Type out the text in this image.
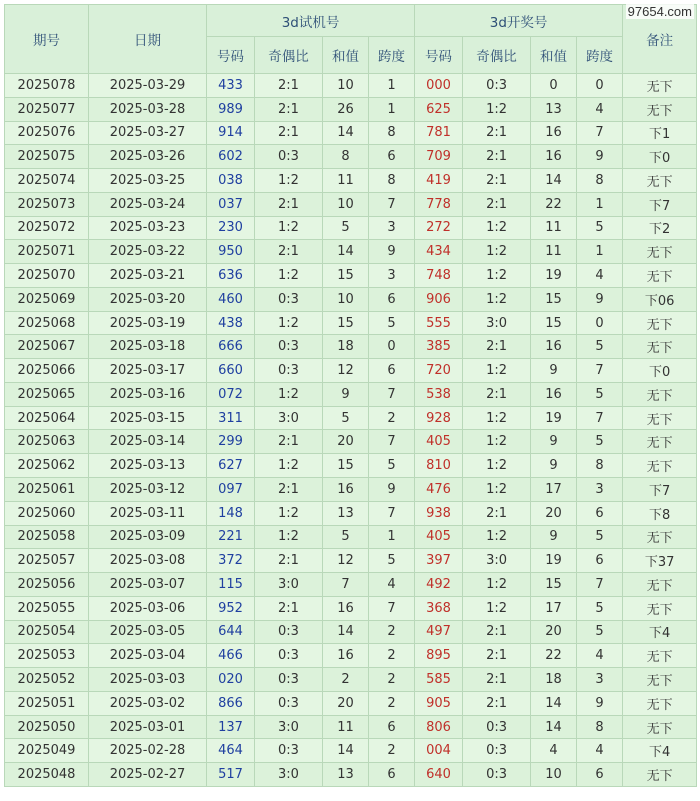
97654.com
期号	日期	3d试机号				3d开奖号				备注
		号码	奇偶比	和值	跨度	号码	奇偶比	和值	跨度	
2025078	2025-03-29	433	2:1	10	1	000	0:3	0	0	无下
2025077	2025-03-28	989	2:1	26	1	625	1:2	13	4	无下
2025076	2025-03-27	914	2:1	14	8	781	2:1	16	7	下1
2025075	2025-03-26	602	0:3	8	6	709	2:1	16	9	下0
2025074	2025-03-25	038	1:2	11	8	419	2:1	14	8	无下
2025073	2025-03-24	037	2:1	10	7	778	2:1	22	1	下7
2025072	2025-03-23	230	1:2	5	3	272	1:2	11	5	下2
2025071	2025-03-22	950	2:1	14	9	434	1:2	11	1	无下
2025070	2025-03-21	636	1:2	15	3	748	1:2	19	4	无下
2025069	2025-03-20	460	0:3	10	6	906	1:2	15	9	下06
2025068	2025-03-19	438	1:2	15	5	555	3:0	15	0	无下
2025067	2025-03-18	666	0:3	18	0	385	2:1	16	5	无下
2025066	2025-03-17	660	0:3	12	6	720	1:2	9	7	下0
2025065	2025-03-16	072	1:2	9	7	538	2:1	16	5	无下
2025064	2025-03-15	311	3:0	5	2	928	1:2	19	7	无下
2025063	2025-03-14	299	2:1	20	7	405	1:2	9	5	无下
2025062	2025-03-13	627	1:2	15	5	810	1:2	9	8	无下
2025061	2025-03-12	097	2:1	16	9	476	1:2	17	3	下7
2025060	2025-03-11	148	1:2	13	7	938	2:1	20	6	下8
2025058	2025-03-09	221	1:2	5	1	405	1:2	9	5	无下
2025057	2025-03-08	372	2:1	12	5	397	3:0	19	6	下37
2025056	2025-03-07	115	3:0	7	4	492	1:2	15	7	无下
2025055	2025-03-06	952	2:1	16	7	368	1:2	17	5	无下
2025054	2025-03-05	644	0:3	14	2	497	2:1	20	5	下4
2025053	2025-03-04	466	0:3	16	2	895	2:1	22	4	无下
2025052	2025-03-03	020	0:3	2	2	585	2:1	18	3	无下
2025051	2025-03-02	866	0:3	20	2	905	2:1	14	9	无下
2025050	2025-03-01	137	3:0	11	6	806	0:3	14	8	无下
2025049	2025-02-28	464	0:3	14	2	004	0:3	4	4	下4
2025048	2025-02-27	517	3:0	13	6	640	0:3	10	6	无下
